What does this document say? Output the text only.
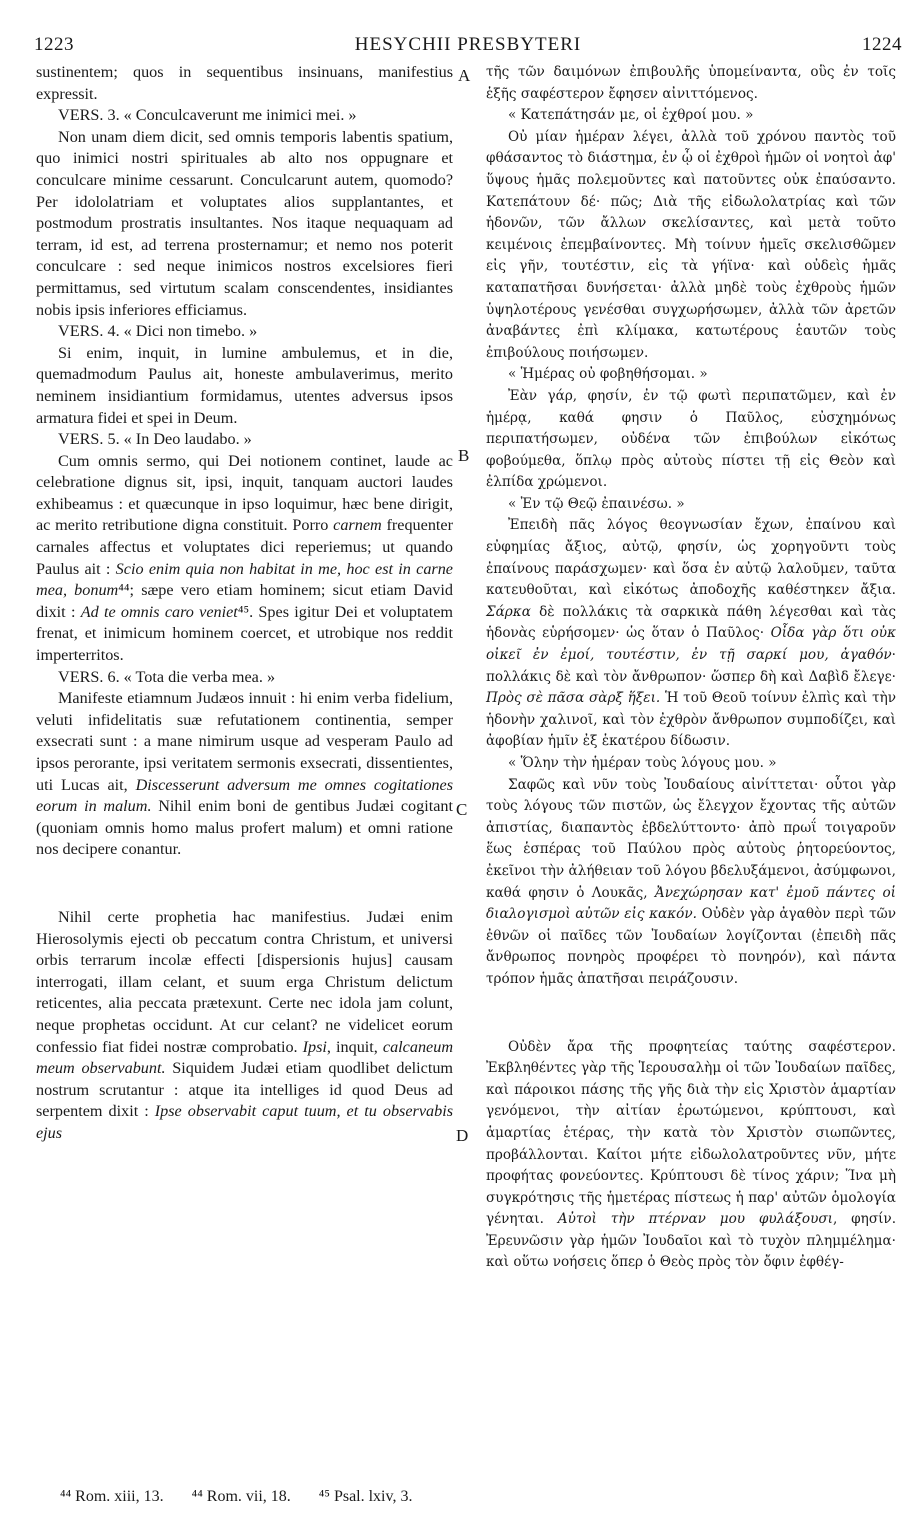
1223	HESYCHII PRESBYTERI	1224
A
B
C
D

sustinentem; quos in sequentibus insinuans, manifestius expressit.

VERS. 3. « Conculcaverunt me inimici mei. »

Non unam diem dicit, sed omnis temporis labentis spatium, quo inimici nostri spirituales ab alto nos oppugnare et conculcare minime cessarunt. Conculcarunt autem, quomodo? Per idololatriam et voluptates alios supplantantes, et postmodum prostratis insultantes. Nos itaque nequaquam ad terram, id est, ad terrena prosternamur; et nemo nos poterit conculcare : sed neque inimicos nostros excelsiores fieri permittamus, sed virtutum scalam conscendentes, insidiantes nobis ipsis inferiores efficiamus.

VERS. 4. « Dici non timebo. »

Si enim, inquit, in lumine ambulemus, et in die, quemadmodum Paulus ait, honeste ambulaverimus, merito neminem insidiantium formidamus, utentes adversus ipsos armatura fidei et spei in Deum.

VERS. 5. « In Deo laudabo. »

Cum omnis sermo, qui Dei notionem continet, laude ac celebratione dignus sit, ipsi, inquit, tanquam auctori laudes exhibeamus : et quæcunque in ipso loquimur, hæc bene dirigit, ac merito retributione digna constituit. Porro carnem frequenter carnales affectus et voluptates dici reperiemus; ut quando Paulus ait : Scio enim quia non habitat in me, hoc est in carne mea, bonum⁴⁴; sæpe vero etiam hominem; sicut etiam David dixit : Ad te omnis caro veniet⁴⁵. Spes igitur Dei et voluptatem frenat, et inimicum hominem coercet, et utrobique nos reddit imperterritos.

VERS. 6. « Tota die verba mea. »

Manifeste etiamnum Judæos innuit : hi enim verba fidelium, veluti infidelitatis suæ refutationem continentia, semper exsecrati sunt : a mane nimirum usque ad vesperam Paulo ad ipsos perorante, ipsi veritatem sermonis exsecrati, dissentientes, uti Lucas ait, Discesserunt adversum me omnes cogitationes eorum in malum. Nihil enim boni de gentibus Judæi cogitant (quoniam omnis homo malus profert malum) et omni ratione nos decipere conantur.

Nihil certe prophetia hac manifestius. Judæi enim Hierosolymis ejecti ob peccatum contra Christum, et universi orbis terrarum incolæ effecti [dispersionis hujus] causam interrogati, illam celant, et suum erga Christum delictum reticentes, alia peccata prætexunt. Certe nec idola jam colunt, neque prophetas occidunt. At cur celant? ne videlicet eorum confessio fiat fidei nostræ comprobatio. Ipsi, inquit, calcaneum meum observabunt. Siquidem Judæi etiam quodlibet delictum nostrum scrutantur : atque ita intelliges id quod Deus ad serpentem dixit : Ipse observabit caput tuum, et tu observabis ejus

τῆς τῶν δαιμόνων ἐπιβουλῆς ὑπομείναντα, οὓς ἐν τοῖς ἑξῆς σαφέστερον ἔφησεν αἰνιττόμενος.

« Κατεπάτησάν με, οἱ ἐχθροί μου. »

Οὐ μίαν ἡμέραν λέγει, ἀλλὰ τοῦ χρόνου παντὸς τοῦ φθάσαντος τὸ διάστημα, ἐν ᾧ οἱ ἐχθροὶ ἡμῶν οἱ νοητοὶ ἀφ' ὕψους ἡμᾶς πολεμοῦντες καὶ πατοῦντες οὐκ ἐπαύσαντο. Κατεπάτουν δέ· πῶς; Διὰ τῆς εἰδωλολατρίας καὶ τῶν ἡδονῶν, τῶν ἄλλων σκελίσαντες, καὶ μετὰ τοῦτο κειμένοις ἐπεμβαίνοντες. Μὴ τοίνυν ἡμεῖς σκελισθῶμεν εἰς γῆν, τουτέστιν, εἰς τὰ γήϊνα· καὶ οὐδεὶς ἡμᾶς καταπατῆσαι δυνήσεται· ἀλλὰ μηδὲ τοὺς ἐχθροὺς ἡμῶν ὑψηλοτέρους γενέσθαι συγχωρήσωμεν, ἀλλὰ τῶν ἀρετῶν ἀναβάντες ἐπὶ κλίμακα, κατωτέρους ἑαυτῶν τοὺς ἐπιβούλους ποιήσωμεν.

« Ἡμέρας οὐ φοβηθήσομαι. »

Ἐὰν γάρ, φησίν, ἐν τῷ φωτὶ περιπατῶμεν, καὶ ἐν ἡμέρᾳ, καθά φησιν ὁ Παῦλος, εὐσχημόνως περιπατήσωμεν, οὐδένα τῶν ἐπιβούλων εἰκότως φοβούμεθα, ὅπλῳ πρὸς αὐτοὺς πίστει τῇ εἰς Θεὸν καὶ ἐλπίδα χρώμενοι.

« Ἐν τῷ Θεῷ ἐπαινέσω. »

Ἐπειδὴ πᾶς λόγος θεογνωσίαν ἔχων, ἐπαίνου καὶ εὐφημίας ἄξιος, αὐτῷ, φησίν, ὡς χορηγοῦντι τοὺς ἐπαίνους παράσχωμεν· καὶ ὅσα ἐν αὐτῷ λαλοῦμεν, ταῦτα κατευθοῦται, καὶ εἰκότως ἀποδοχῆς καθέστηκεν ἄξια. Σάρκα δὲ πολλάκις τὰ σαρκικὰ πάθη λέγεσθαι καὶ τὰς ἡδονὰς εὑρήσομεν· ὡς ὅταν ὁ Παῦλος· Οἶδα γὰρ ὅτι οὐκ οἰκεῖ ἐν ἐμοί, τουτέστιν, ἐν τῇ σαρκί μου, ἀγαθόν· πολλάκις δὲ καὶ τὸν ἄνθρωπον· ὥσπερ δὴ καὶ Δαβὶδ ἔλεγε· Πρὸς σὲ πᾶσα σὰρξ ἥξει. Ἡ τοῦ Θεοῦ τοίνυν ἐλπὶς καὶ τὴν ἡδονὴν χαλινοῖ, καὶ τὸν ἐχθρὸν ἄνθρωπον συμποδίζει, καὶ ἀφοβίαν ἡμῖν ἐξ ἑκατέρου δίδωσιν.

« Ὅλην τὴν ἡμέραν τοὺς λόγους μου. »

Σαφῶς καὶ νῦν τοὺς Ἰουδαίους αἰνίττεται· οὗτοι γὰρ τοὺς λόγους τῶν πιστῶν, ὡς ἔλεγχον ἔχοντας τῆς αὐτῶν ἀπιστίας, διαπαντὸς ἐβδελύττοντο· ἀπὸ πρωΐ τοιγαροῦν ἕως ἑσπέρας τοῦ Παύλου πρὸς αὐτοὺς ῥητορεύοντος, ἐκεῖνοι τὴν ἀλήθειαν τοῦ λόγου βδελυξάμενοι, ἀσύμφωνοι, καθά φησιν ὁ Λουκᾶς, Ἀνεχώρησαν κατ' ἐμοῦ πάντες οἱ διαλογισμοὶ αὐτῶν εἰς κακόν. Οὐδὲν γὰρ ἀγαθὸν περὶ τῶν ἐθνῶν οἱ παῖδες τῶν Ἰουδαίων λογίζονται (ἐπειδὴ πᾶς ἄνθρωπος πονηρὸς προφέρει τὸ πονηρόν), καὶ πάντα τρόπον ἡμᾶς ἀπατῆσαι πειράζουσιν.

Οὐδὲν ἄρα τῆς προφητείας ταύτης σαφέστερον. Ἐκβληθέντες γὰρ τῆς Ἱερουσαλὴμ οἱ τῶν Ἰουδαίων παῖδες, καὶ πάροικοι πάσης τῆς γῆς διὰ τὴν εἰς Χριστὸν ἁμαρτίαν γενόμενοι, τὴν αἰτίαν ἐρωτώμενοι, κρύπτουσι, καὶ ἁμαρτίας ἑτέρας, τὴν κατὰ τὸν Χριστὸν σιωπῶντες, προβάλλονται. Καίτοι μήτε εἰδωλολατροῦντες νῦν, μήτε προφήτας φονεύοντες. Κρύπτουσι δὲ τίνος χάριν; Ἵνα μὴ συγκρότησις τῆς ἡμετέρας πίστεως ἡ παρ' αὐτῶν ὁμολογία γένηται. Αὐτοὶ τὴν πτέρναν μου φυλάξουσι, φησίν. Ἐρευνῶσιν γὰρ ἡμῶν Ἰουδαῖοι καὶ τὸ τυχὸν πλημμέλημα· καὶ οὕτω νοήσεις ὅπερ ὁ Θεὸς πρὸς τὸν ὄφιν ἐφθέγ-

⁴⁴ Rom. xiii, 13. ⁴⁴ Rom. vii, 18. ⁴⁵ Psal. lxiv, 3.
